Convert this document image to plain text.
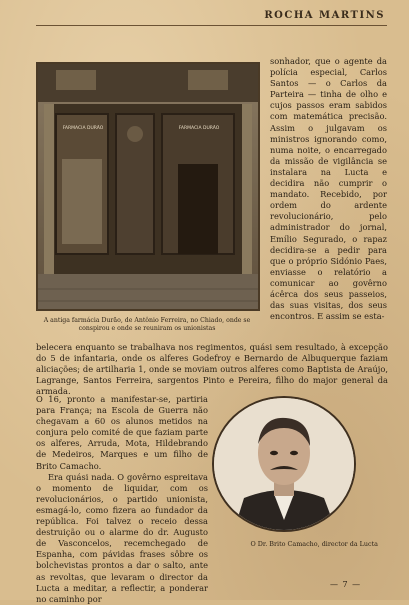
ROCHA MARTINS
FARMACIA DURÃO	FARMACIA DURÃO
A antiga farmácia Durão, de Antônio Ferreira, no Chiado, onde se conspirou e onde se reuniram os unionistas

sonhador, que o agente da polícia especial, Carlos Santos — o Carlos da Parteira — tinha de olho e cujos passos eram sabidos com matemática precisão. Assim o julgavam os ministros ignorando como, numa noite, o encarregado da missão de vigilância se instalara na Lucta e decidira não cumprir o mandato. Recebido, por ordem do ardente revolucionário, pelo administrador do jornal, Emílio Segurado, o rapaz decidira-se a pedir para que o próprio Sidónio Paes, enviasse o relatório a comunicar ao govêrno ácêrca dos seus passeios, das suas visitas, dos seus encontros. E assim se esta-

belecera enquanto se trabalhava nos regimentos, quási sem resultado, à excepção do 5 de infantaria, onde os alferes Godefroy e Bernardo de Albuquerque faziam aliciações; de artilharia 1, onde se moviam outros alferes como Baptista de Araújo, Lagrange, Santos Ferreira, sargentos Pinto e Pereira, filho do major general da armada.

O 16, pronto a manifestar-se, partiria para França; na Escola de Guerra não chegavam a 60 os alunos metidos na conjura pelo comité de que faziam parte os alferes, Arruda, Mota, Hildebrando de Medeiros, Marques e um filho de Brito Camacho.

Era quási nada. O govêrno espreitava o momento de liquidar, com os revolucionários, o partido unionista, esmagá-lo, como fizera ao fundador da república. Foi talvez o receio dessa destruição ou o alarme do dr. Augusto de Vasconcelos, recemchegado de Espanha, com pávidas frases sôbre os bolchevistas prontos a dar o salto, ante as revoltas, que levaram o director da Lucta a meditar, a reflectir, a ponderar no caminho por

O Dr. Brito Camacho, director da Lucta
— 7 —
